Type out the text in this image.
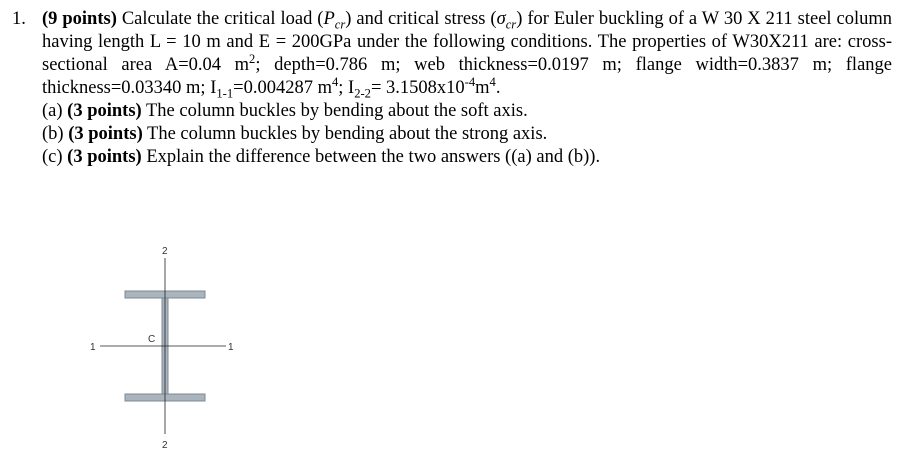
1. (9 points) Calculate the critical load $(P_{cr})$ and critical stress $(\sigma_{cr})$ for Euler buckling of a W 30 X 211 steel column having length L = 10 m and E = 200GPa under the following conditions. The properties of W30X211 are: cross-sectional area A=0.04 $m^2$; depth=0.786 m; web thickness=0.0197 m; flange width=0.3837 m; flange thickness=0.03340 m; $I_{1-1}=0.004287$ $m^4$; $I_{2-2}= 3.1508x10^{-4}m^4$.
(a) (3 points) The column buckles by bending about the soft axis.
(b) (3 points) The column buckles by bending about the strong axis.
(c) (3 points) Explain the difference between the two answers ((a) and (b)).
2
2
1	1
C
